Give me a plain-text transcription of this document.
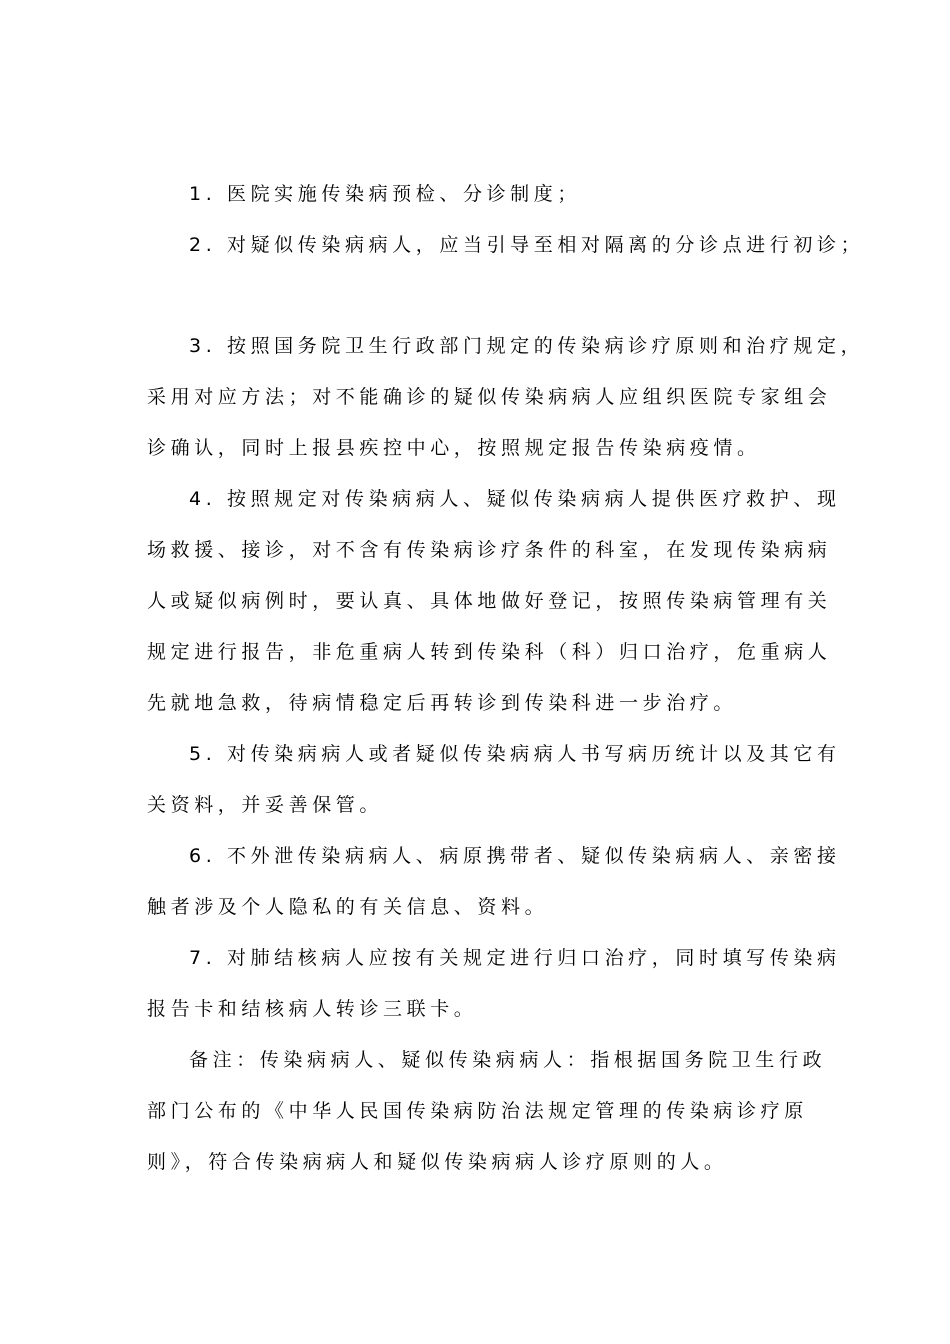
1. 医院实施传染病预检、分诊制度；

2. 对疑似传染病病人，应当引导至相对隔离的分诊点进行初诊；

3. 按照国务院卫生行政部门规定的传染病诊疗原则和治疗规定，
采用对应方法；对不能确诊的疑似传染病病人应组织医院专家组会
诊确认，同时上报县疾控中心，按照规定报告传染病疫情。

4. 按照规定对传染病病人、疑似传染病病人提供医疗救护、现
场救援、接诊，对不含有传染病诊疗条件的科室，在发现传染病病
人或疑似病例时，要认真、具体地做好登记，按照传染病管理有关
规定进行报告，非危重病人转到传染科（科）归口治疗，危重病人
先就地急救，待病情稳定后再转诊到传染科进一步治疗。

5. 对传染病病人或者疑似传染病病人书写病历统计以及其它有
关资料，并妥善保管。

6. 不外泄传染病病人、病原携带者、疑似传染病病人、亲密接
触者涉及个人隐私的有关信息、资料。

7. 对肺结核病人应按有关规定进行归口治疗，同时填写传染病
报告卡和结核病人转诊三联卡。

备注：传染病病人、疑似传染病病人：指根据国务院卫生行政
部门公布的《中华人民国传染病防治法规定管理的传染病诊疗原
则》，符合传染病病人和疑似传染病病人诊疗原则的人。
